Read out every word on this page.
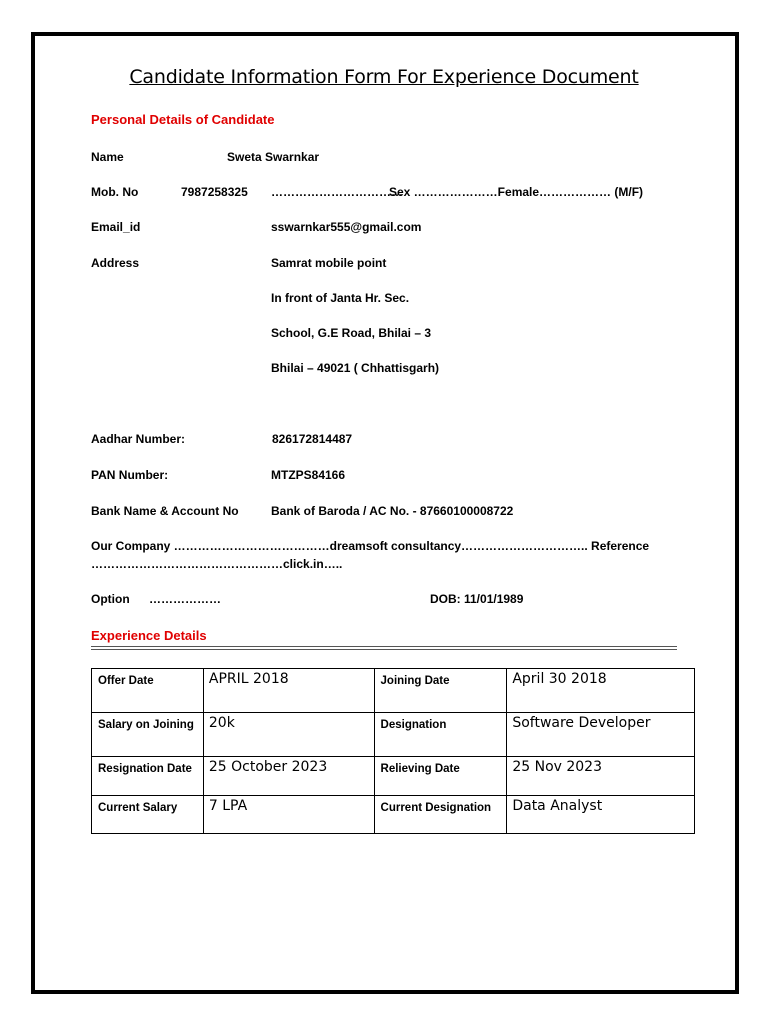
Candidate Information Form For Experience Document
Personal Details of Candidate
Name	Sweta Swarnkar
Mob. No	7987258325 ……………………………
Sex …………………Female……………… (M/F)
Email_id	sswarnkar555@gmail.com
Address	Samrat mobile point
In front of Janta Hr. Sec.
School, G.E Road, Bhilai – 3
Bhilai – 49021 ( Chhattisgarh)
Aadhar Number:	826172814487
PAN Number:	MTZPS84166
Bank Name & Account No	Bank of Baroda / AC No. - 87660100008722
Our Company …………………………………dreamsoft consultancy………………………….. Reference
…………………………………………click.in…..
Option ………………	DOB: 11/01/1989
Experience Details
Offer Date	APRIL 2018	Joining Date	April 30 2018
Salary on Joining	20k	Designation	Software Developer
Resignation Date	25 October 2023	Relieving Date	25 Nov 2023
Current Salary	7 LPA	Current Designation	Data Analyst
